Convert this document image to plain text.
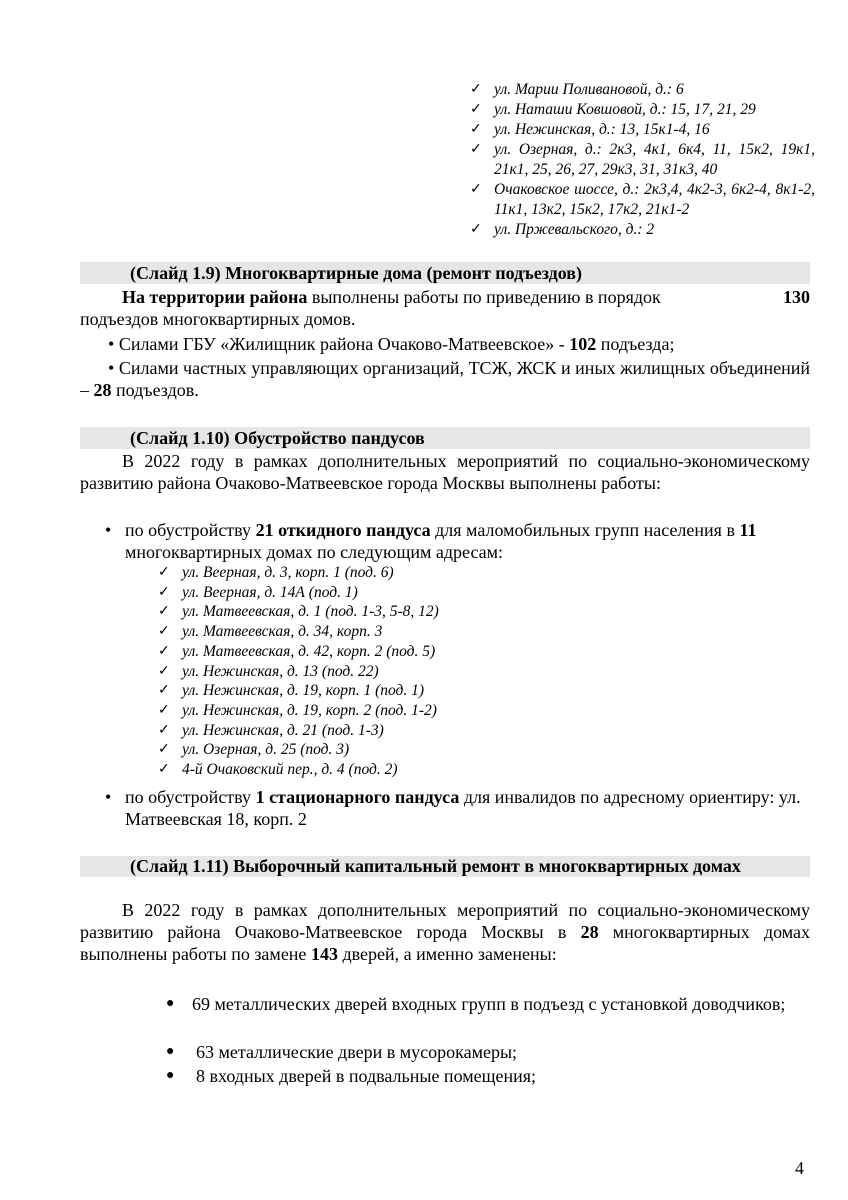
✓ ул. Марии Поливановой, д.: 6

✓ ул. Наташи Ковшовой, д.: 15, 17, 21, 29

✓ ул. Нежинская, д.: 13, 15к1-4, 16

✓ ул. Озерная, д.: 2к3, 4к1, 6к4, 11, 15к2, 19к1, 21к1, 25, 26, 27, 29к3, 31, 31к3, 40

✓ Очаковское шоссе, д.: 2к3,4, 4к2-3, 6к2-4, 8к1-2, 11к1, 13к2, 15к2, 17к2, 21к1-2

✓ ул. Пржевальского, д.: 2

(Слайд 1.9) Многоквартирные дома (ремонт подъездов)

На территории района выполнены работы по приведению в порядок	130

подъездов многоквартирных домов.

• Силами ГБУ «Жилищник района Очаково-Матвеевское» - 102 подъезда;

• Силами частных управляющих организаций, ТСЖ, ЖСК и иных жилищных объединений – 28 подъездов.

(Слайд 1.10) Обустройство пандусов

В 2022 году в рамках дополнительных мероприятий по социально-экономическому развитию района Очаково-Матвеевское города Москвы выполнены работы:

• по обустройству 21 откидного пандуса для маломобильных групп населения в 11 многоквартирных домах по следующим адресам:

✓ ул. Веерная, д. 3, корп. 1 (под. 6)

✓ ул. Веерная, д. 14А (под. 1)

✓ ул. Матвеевская, д. 1 (под. 1-3, 5-8, 12)

✓ ул. Матвеевская, д. 34, корп. 3

✓ ул. Матвеевская, д. 42, корп. 2 (под. 5)

✓ ул. Нежинская, д. 13 (под. 22)

✓ ул. Нежинская, д. 19, корп. 1 (под. 1)

✓ ул. Нежинская, д. 19, корп. 2 (под. 1-2)

✓ ул. Нежинская, д. 21 (под. 1-3)

✓ ул. Озерная, д. 25 (под. 3)

✓ 4-й Очаковский пер., д. 4 (под. 2)

• по обустройству 1 стационарного пандуса для инвалидов по адресному ориентиру: ул. Матвеевская 18, корп. 2
(Слайд 1.11) Выборочный капитальный ремонт в многоквартирных домах

В 2022 году в рамках дополнительных мероприятий по социально-экономическому развитию района Очаково-Матвеевское города Москвы в 28 многоквартирных домах выполнены работы по замене 143 дверей, а именно заменены:

● 69 металлических дверей входных групп в подъезд с установкой доводчиков;
●	63 металлические двери в мусорокамеры;
●	8 входных дверей в подвальные помещения;
4
